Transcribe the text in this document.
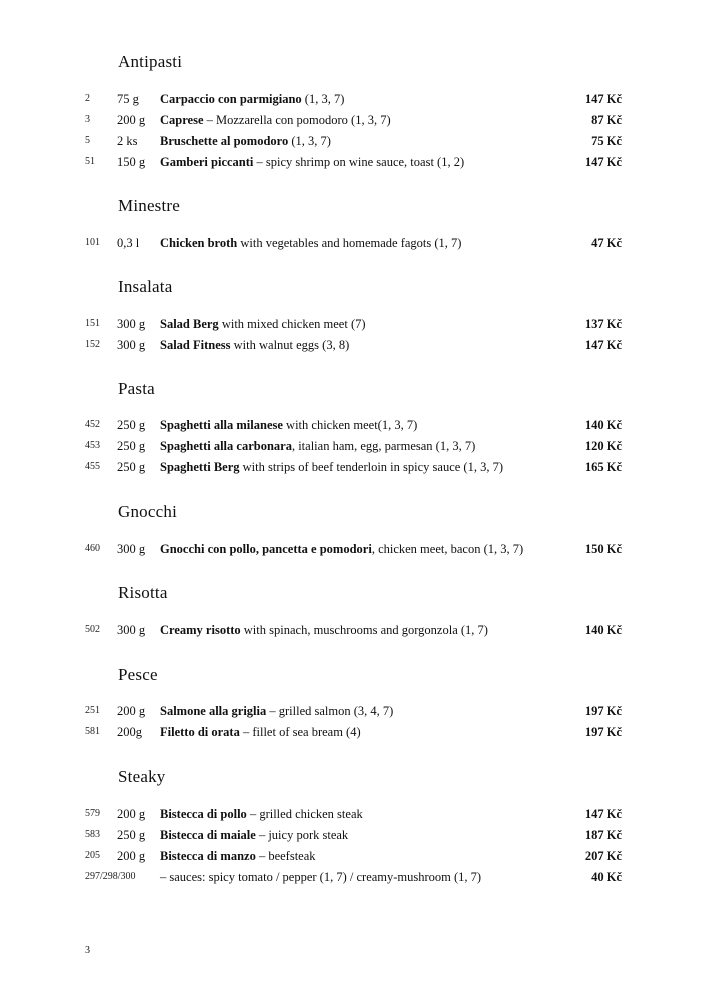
Antipasti
2 75 g Carpaccio con parmigiano (1, 3, 7)	147 Kč
3 200 g Caprese – Mozzarella con pomodoro (1, 3, 7)	87 Kč
5 2 ks Bruschette al pomodoro (1, 3, 7)	75 Kč
51 150 g Gamberi piccanti – spicy shrimp on wine sauce, toast (1, 2)	147 Kč
Minestre
101 0,3 l Chicken broth with vegetables and homemade fagots (1, 7)	47 Kč
Insalata
151 300 g Salad Berg with mixed chicken meet (7)	137 Kč
152 300 g Salad Fitness with walnut eggs (3, 8)	147 Kč
Pasta
452 250 g Spaghetti alla milanese with chicken meet(1, 3, 7)	140 Kč
453 250 g Spaghetti alla carbonara, italian ham, egg, parmesan (1, 3, 7)	120 Kč
455 250 g Spaghetti Berg with strips of beef tenderloin in spicy sauce (1, 3, 7)	165 Kč
Gnocchi
460 300 g Gnocchi con pollo, pancetta e pomodori, chicken meet, bacon (1, 3, 7)	150 Kč
Risotta
502 300 g Creamy risotto with spinach, muschrooms and gorgonzola (1, 7)	140 Kč
Pesce
251 200 g Salmone alla griglia – grilled salmon (3, 4, 7)	197 Kč
581 200g Filetto di orata – fillet of sea bream (4)	197 Kč
Steaky
579 200 g Bistecca di pollo – grilled chicken steak	147 Kč
583 250 g Bistecca di maiale – juicy pork steak	187 Kč
205 200 g Bistecca di manzo – beefsteak	207 Kč
297/298/300 – sauces: spicy tomato / pepper (1, 7) / creamy-mushroom (1, 7)	40 Kč
3
